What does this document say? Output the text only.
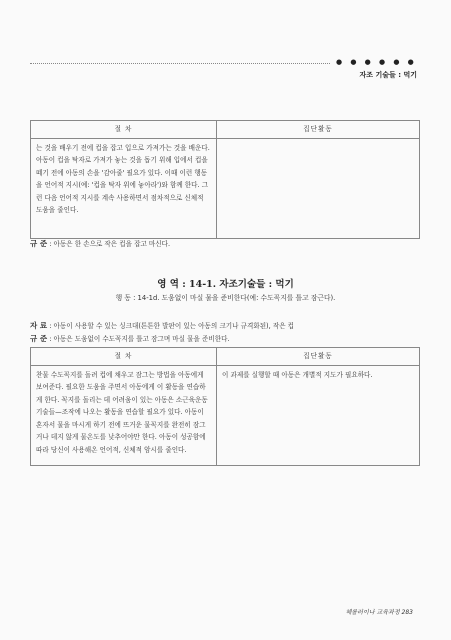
● ● ● ● ● ●
자조 기술들 : 먹기
절 차	집단활동
는 것을 배우기 전에 컵을 잡고 입으로 가져가는 것을 배운다. 아동이 컵을 탁자로 가져가 놓는 것을 돕기 위해 입에서 컵을 떼기 전에 아동의 손을 '감아줄' 필요가 있다. 이때 이런 행동을 언어적 지시(예: '컵을 탁자 위에 놓아라')와 함께 한다. 그런 다음 언어적 지시를 계속 사용하면서 점차적으로 신체적 도움을 줄인다.	
규 준 : 아동은 한 손으로 작은 컵을 잡고 마신다.
영 역 : 14-1. 자조기술들 : 먹기
행 동 : 14-1d. 도움없이 마실 물을 준비한다(예: 수도꼭지를 틀고 잠근다).
자 료 : 아동이 사용할 수 있는 싱크대(튼튼한 발판이 있는 아동의 크기나 규격화된), 작은 컵
규 준 : 아동은 도움없이 수도꼭지를 틀고 잠그며 마실 물을 준비한다.
절 차	집단활동
찬물 수도꼭지를 돌려 컵에 채우고 잠그는 방법을 아동에게 보여준다. 필요한 도움을 주면서 아동에게 이 활동을 연습하게 한다. 꼭지를 돌리는 데 어려움이 있는 아동은 소근육운동 기술들—조작에 나오는 활동을 연습할 필요가 있다. 아동이 혼자서 물을 마시게 하기 전에 뜨거운 물꼭지를 완전히 잠그거나 데지 않게 물온도를 낮추어야만 한다. 아동이 성공함에 따라 당신이 사용해온 언어적, 신체적 암시를 줄인다.	이 과제를 실행할 때 아동은 개별적 지도가 필요하다.
헤롤러이나 교육과정 283
